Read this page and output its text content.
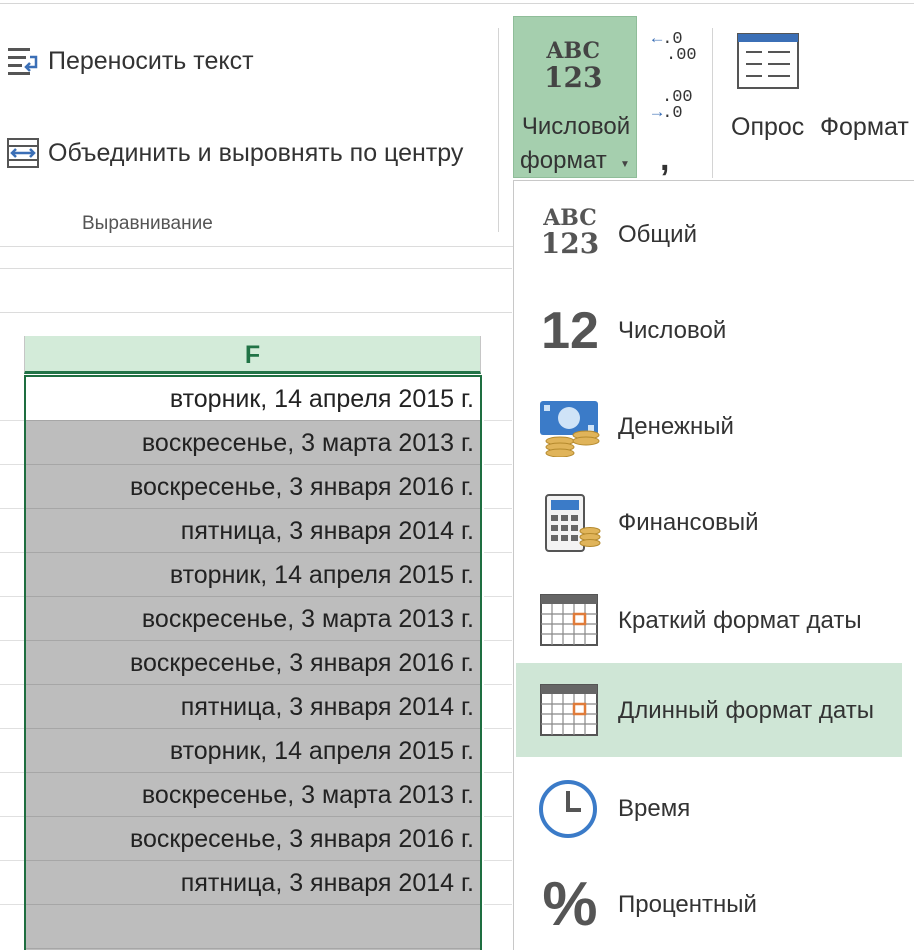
Переносить текст
Объединить и выровнять по центру
Выравнивание
ABC
123
Числовой
формат ▼
←.0
.00
.00
→.0
,
Опрос Формат
F
вторник, 14 апреля 2015 г.
воскресенье, 3 марта 2013 г.
воскресенье, 3 января 2016 г.
пятница, 3 января 2014 г.
вторник, 14 апреля 2015 г.
воскресенье, 3 марта 2013 г.
воскресенье, 3 января 2016 г.
пятница, 3 января 2014 г.
вторник, 14 апреля 2015 г.
воскресенье, 3 марта 2013 г.
воскресенье, 3 января 2016 г.
пятница, 3 января 2014 г.
ABC
123 Общий
12 Числовой
Денежный
Финансовый
Краткий формат даты
Длинный формат даты
Время
% Процентный
